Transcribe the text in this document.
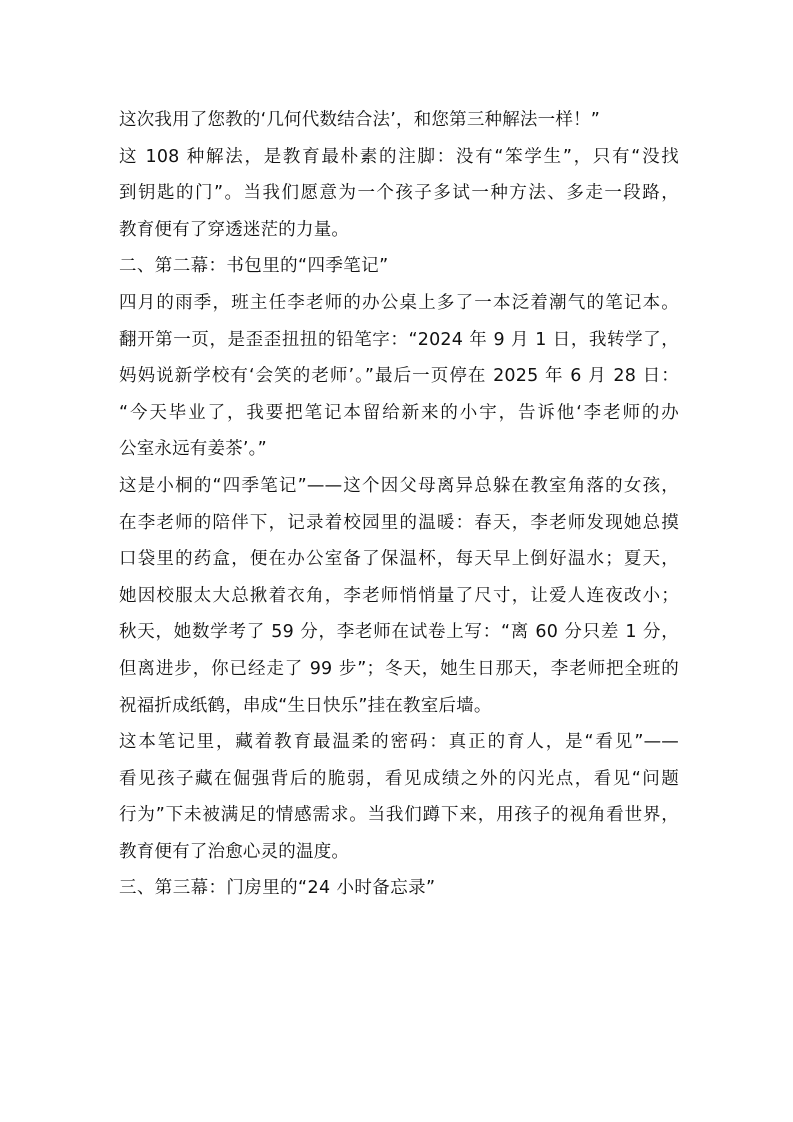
这次我用了您教的‘几何代数结合法’，和您第三种解法一样！”
这 108 种解法，是教育最朴素的注脚：没有“笨学生”，只有“没找
到钥匙的门”。当我们愿意为一个孩子多试一种方法、多走一段路，
教育便有了穿透迷茫的力量。
二、第二幕：书包里的“四季笔记”
四月的雨季，班主任李老师的办公桌上多了一本泛着潮气的笔记本。
翻开第一页，是歪歪扭扭的铅笔字：“2024 年 9 月 1 日，我转学了，
妈妈说新学校有‘会笑的老师’。”最后一页停在 2025 年 6 月 28 日：
“今天毕业了，我要把笔记本留给新来的小宇，告诉他‘李老师的办
公室永远有姜茶’。”
这是小桐的“四季笔记”——这个因父母离异总躲在教室角落的女孩，
在李老师的陪伴下，记录着校园里的温暖：春天，李老师发现她总摸
口袋里的药盒，便在办公室备了保温杯，每天早上倒好温水；夏天，
她因校服太大总揪着衣角，李老师悄悄量了尺寸，让爱人连夜改小；
秋天，她数学考了 59 分，李老师在试卷上写：“离 60 分只差 1 分，
但离进步，你已经走了 99 步”；冬天，她生日那天，李老师把全班的
祝福折成纸鹤，串成“生日快乐”挂在教室后墙。
这本笔记里，藏着教育最温柔的密码：真正的育人，是“看见”——
看见孩子藏在倔强背后的脆弱，看见成绩之外的闪光点，看见“问题
行为”下未被满足的情感需求。当我们蹲下来，用孩子的视角看世界，
教育便有了治愈心灵的温度。
三、第三幕：门房里的“24 小时备忘录”
